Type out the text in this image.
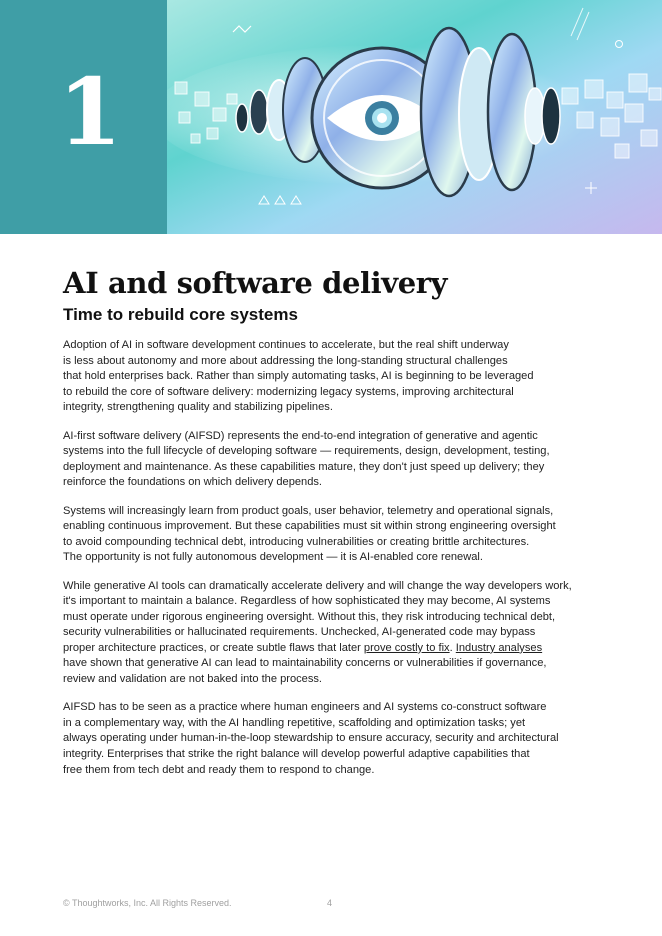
1
AI and software delivery
Time to rebuild core systems

Adoption of AI in software development continues to accelerate, but the real shift underway
is less about autonomy and more about addressing the long-standing structural challenges
that hold enterprises back. Rather than simply automating tasks, AI is beginning to be leveraged
to rebuild the core of software delivery: modernizing legacy systems, improving architectural
integrity, strengthening quality and stabilizing pipelines.

AI-first software delivery (AIFSD) represents the end-to-end integration of generative and agentic
systems into the full lifecycle of developing software — requirements, design, development, testing,
deployment and maintenance. As these capabilities mature, they don't just speed up delivery; they
reinforce the foundations on which delivery depends.

Systems will increasingly learn from product goals, user behavior, telemetry and operational signals,
enabling continuous improvement. But these capabilities must sit within strong engineering oversight
to avoid compounding technical debt, introducing vulnerabilities or creating brittle architectures.
The opportunity is not fully autonomous development — it is AI-enabled core renewal.

While generative AI tools can dramatically accelerate delivery and will change the way developers work,
it's important to maintain a balance. Regardless of how sophisticated they may become, AI systems
must operate under rigorous engineering oversight. Without this, they risk introducing technical debt,
security vulnerabilities or hallucinated requirements. Unchecked, AI-generated code may bypass
proper architecture practices, or create subtle flaws that later prove costly to fix. Industry analyses
have shown that generative AI can lead to maintainability concerns or vulnerabilities if governance,
review and validation are not baked into the process.

AIFSD has to be seen as a practice where human engineers and AI systems co-construct software
in a complementary way, with the AI handling repetitive, scaffolding and optimization tasks; yet
always operating under human-in-the-loop stewardship to ensure accuracy, security and architectural
integrity. Enterprises that strike the right balance will develop powerful adaptive capabilities that
free them from tech debt and ready them to respond to change.

© Thoughtworks, Inc. All Rights Reserved.	4
